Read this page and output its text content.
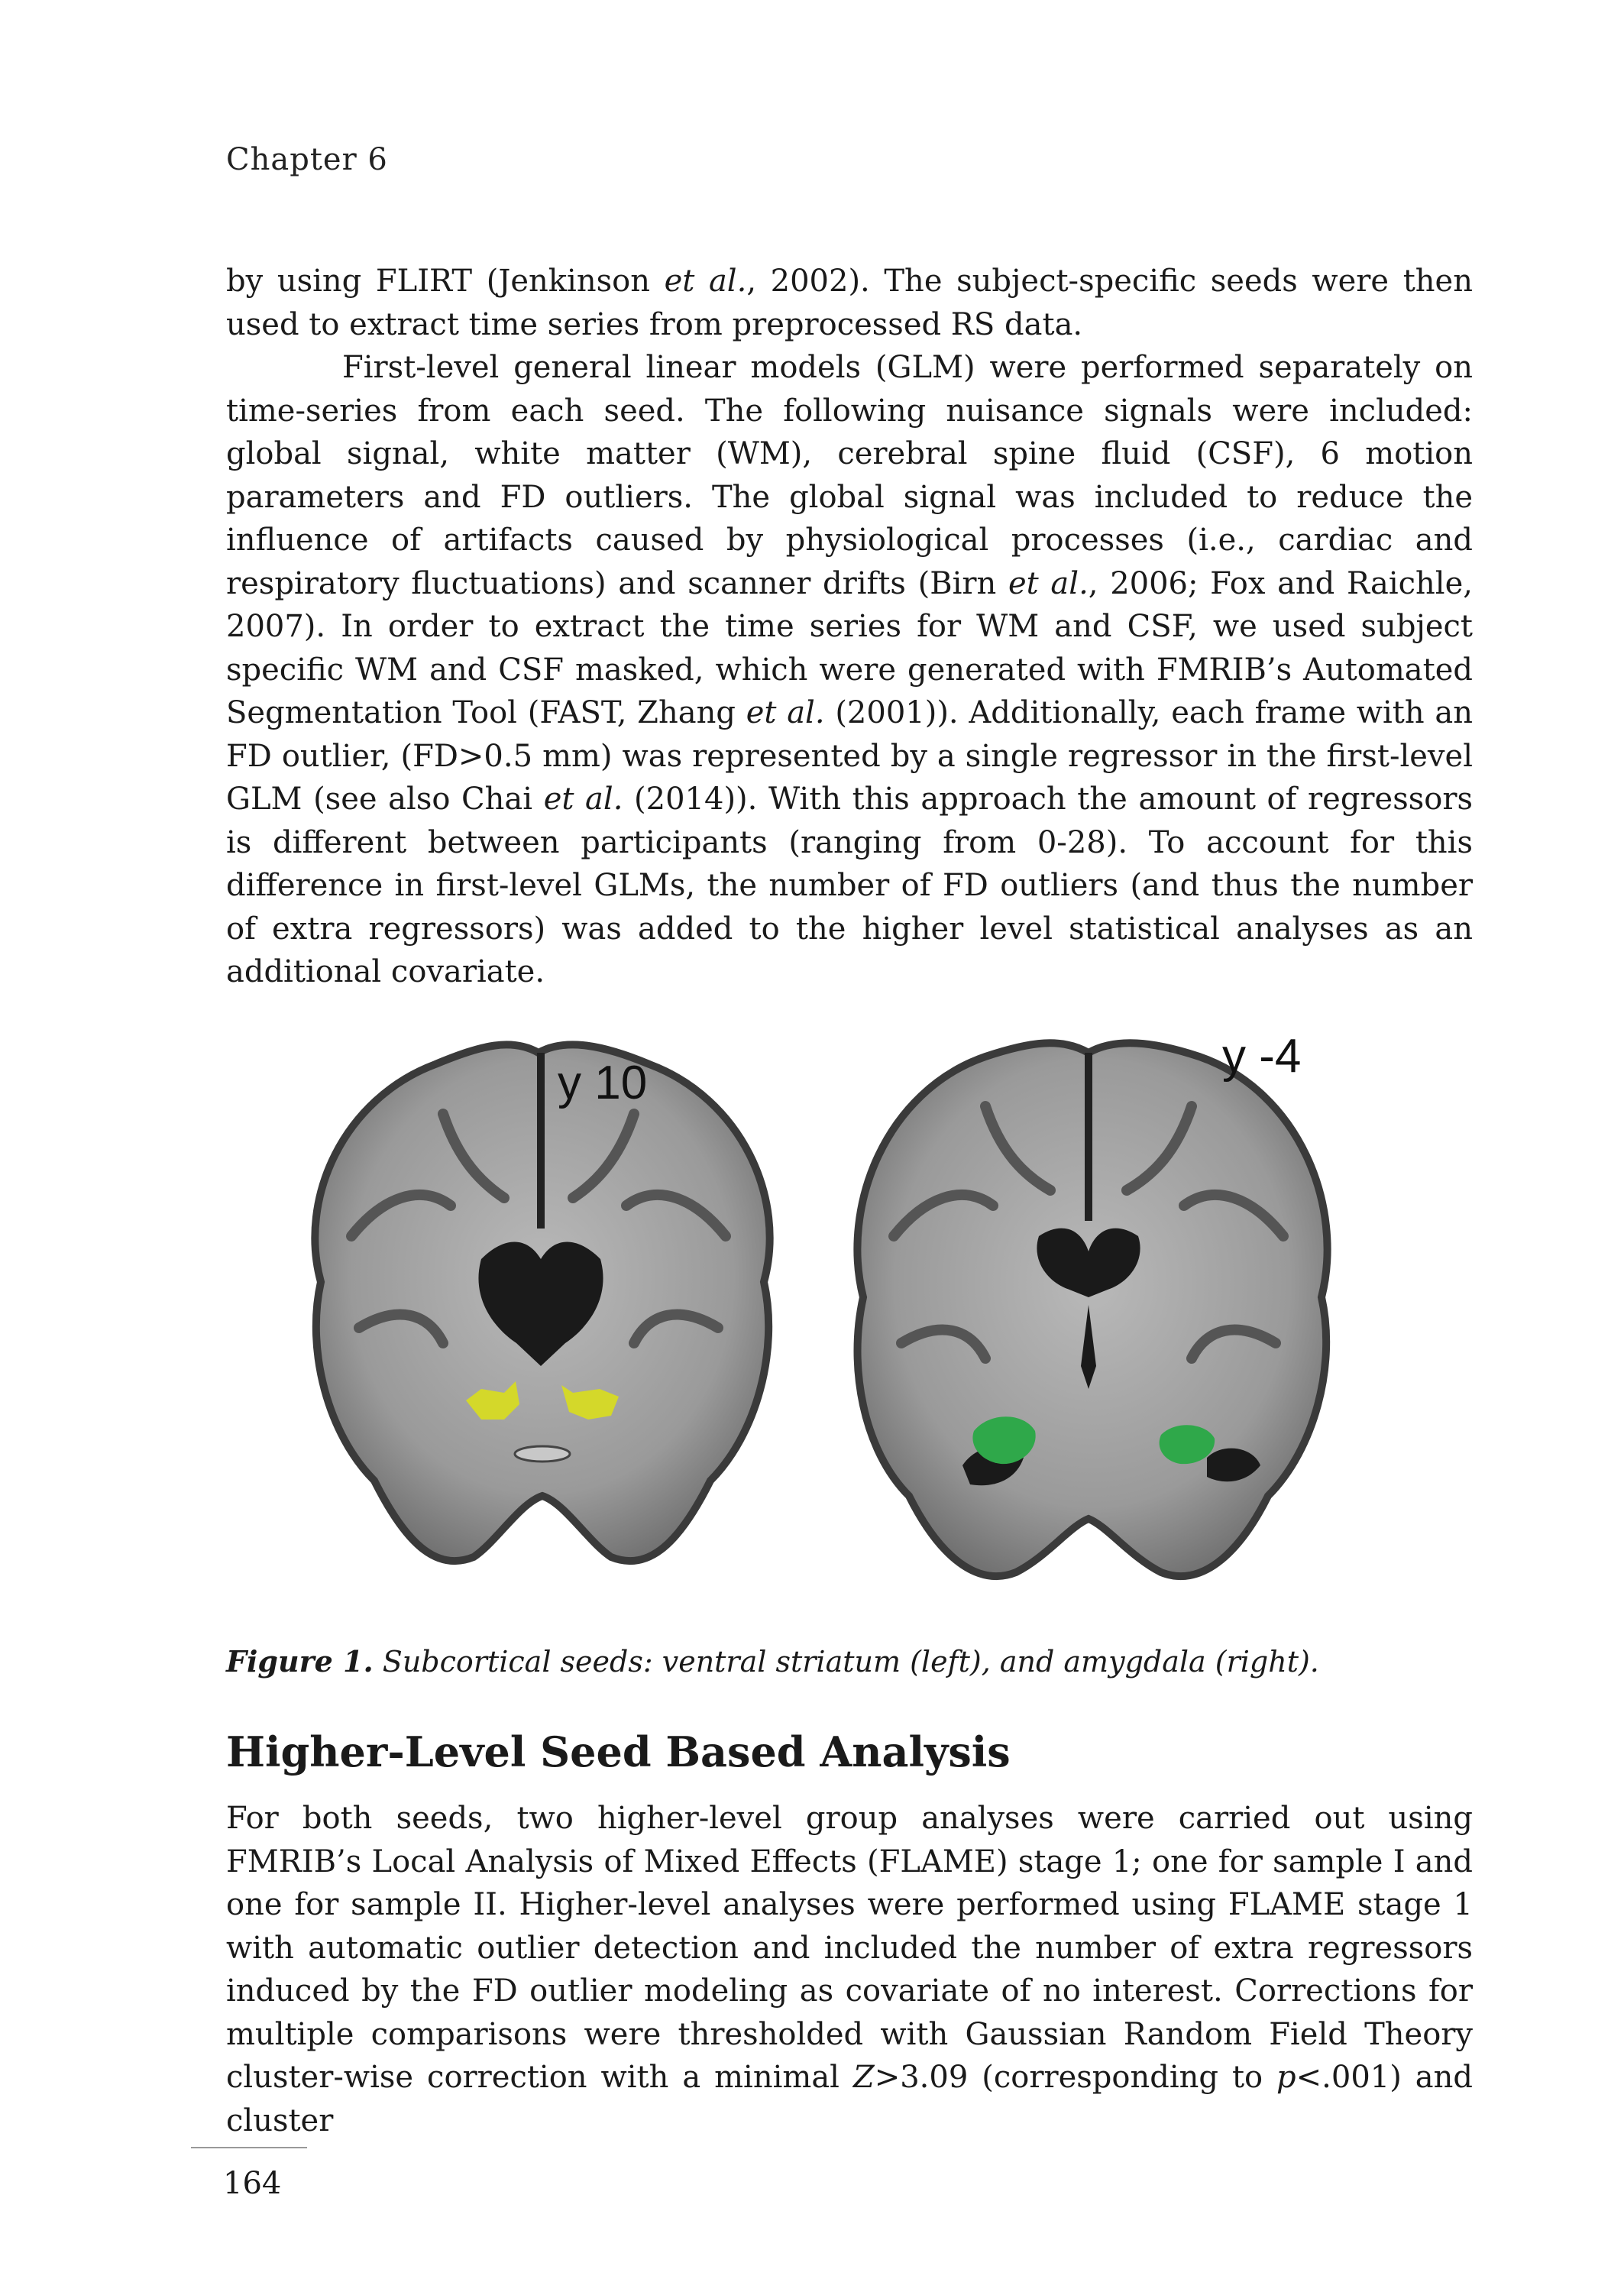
Chapter 6

by using FLIRT (Jenkinson et al., 2002). The subject-specific seeds were then used to extract time series from preprocessed RS data.

First-level general linear models (GLM) were performed separately on time-series from each seed. The following nuisance signals were included: global signal, white matter (WM), cerebral spine fluid (CSF), 6 motion parameters and FD outliers. The global signal was included to reduce the influence of artifacts caused by physiological processes (i.e., cardiac and respiratory fluctuations) and scanner drifts (Birn et al., 2006; Fox and Raichle, 2007). In order to extract the time series for WM and CSF, we used subject specific WM and CSF masked, which were generated with FMRIB’s Automated Segmentation Tool (FAST, Zhang et al. (2001)). Additionally, each frame with an FD outlier, (FD>0.5 mm) was represented by a single regressor in the first-level GLM (see also Chai et al. (2014)). With this approach the amount of regressors is different between participants (ranging from 0-28). To account for this difference in first-level GLMs, the number of FD outliers (and thus the number of extra regressors) was added to the higher level statistical analyses as an additional covariate.

y 10
y -4
Figure 1. Subcortical seeds: ventral striatum (left), and amygdala (right).
Higher-Level Seed Based Analysis

For both seeds, two higher-level group analyses were carried out using FMRIB’s Local Analysis of Mixed Effects (FLAME) stage 1; one for sample I and one for sample II. Higher-level analyses were performed using FLAME stage 1 with automatic outlier detection and included the number of extra regressors induced by the FD outlier modeling as covariate of no interest. Corrections for multiple comparisons were thresholded with Gaussian Random Field Theory cluster-wise correction with a minimal Z>3.09 (corresponding to p<.001) and cluster

164
